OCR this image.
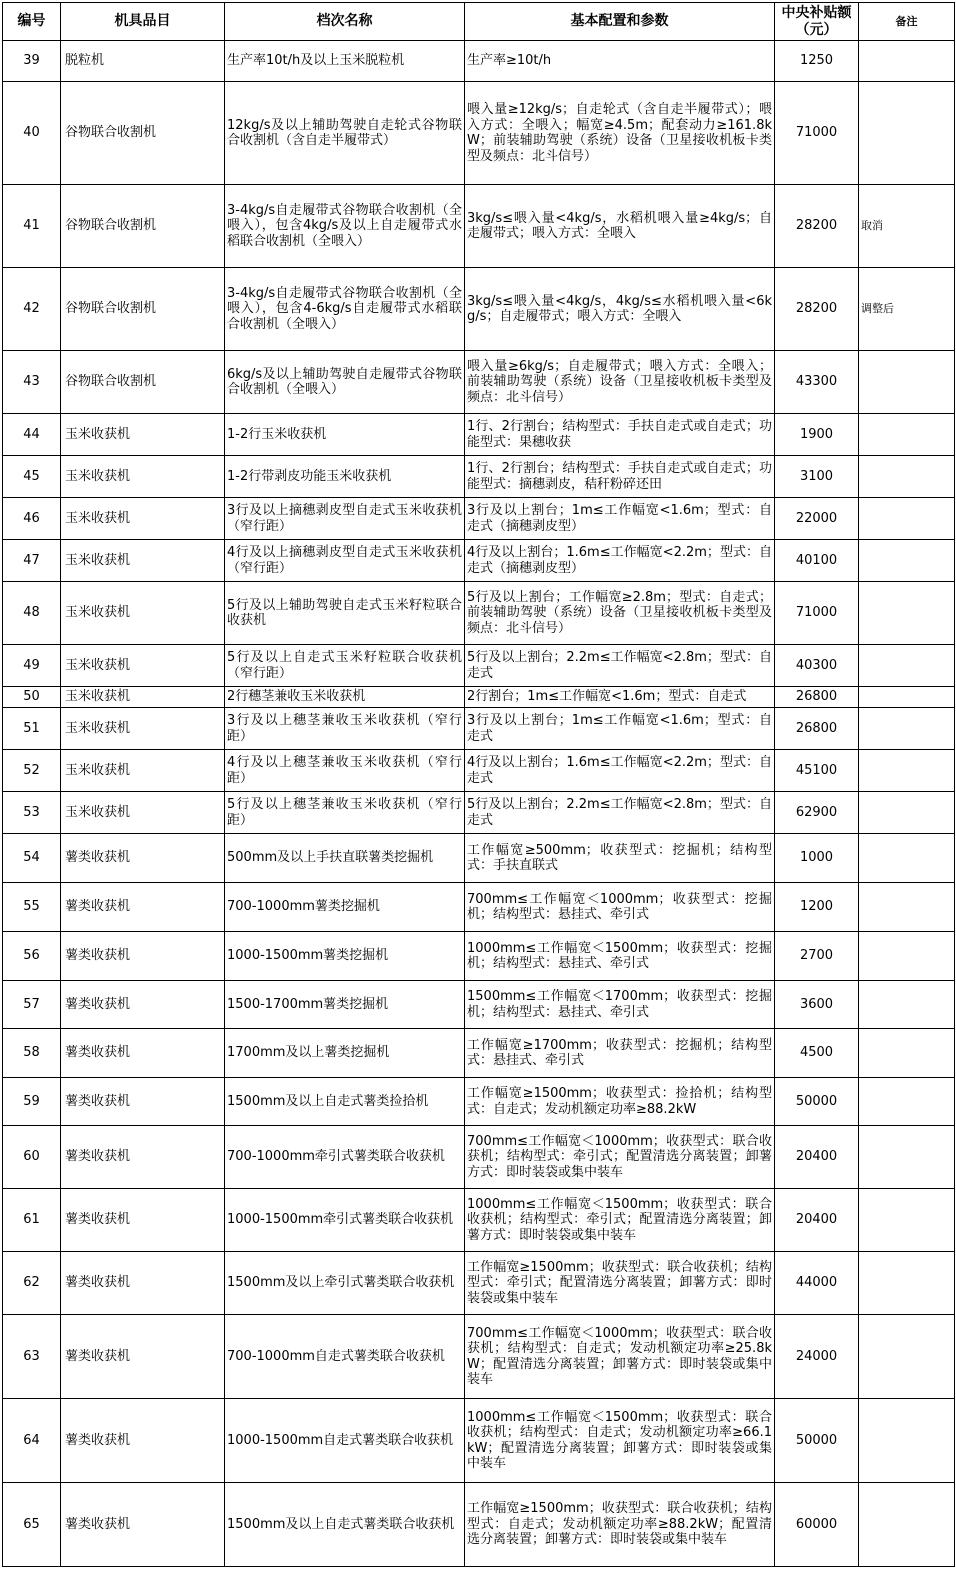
编号	机具品目	档次名称	基本配置和参数	中央补贴额（元）	备注
39	脱粒机	生产率10t/h及以上玉米脱粒机	生产率≥10t/h	1250	
40	谷物联合收割机	12kg/s及以上辅助驾驶自走轮式谷物联合收割机（含自走半履带式）	喂入量≥12kg/s；自走轮式（含自走半履带式）；喂入方式：全喂入；幅宽≥4.5m；配套动力≥161.8kW；前装辅助驾驶（系统）设备（卫星接收机板卡类型及频点：北斗信号）	71000	
41	谷物联合收割机	3-4kg/s自走履带式谷物联合收割机（全喂入），包含4kg/s及以上自走履带式水稻联合收割机（全喂入）	3kg/s≤喂入量<4kg/s，水稻机喂入量≥4kg/s；自走履带式；喂入方式：全喂入	28200	取消
42	谷物联合收割机	3-4kg/s自走履带式谷物联合收割机（全喂入），包含4-6kg/s自走履带式水稻联合收割机（全喂入）	3kg/s≤喂入量<4kg/s，4kg/s≤水稻机喂入量<6kg/s；自走履带式；喂入方式：全喂入	28200	调整后
43	谷物联合收割机	6kg/s及以上辅助驾驶自走履带式谷物联合收割机（全喂入）	喂入量≥6kg/s；自走履带式；喂入方式：全喂入；前装辅助驾驶（系统）设备（卫星接收机板卡类型及频点：北斗信号）	43300	
44	玉米收获机	1-2行玉米收获机	1行、2行割台；结构型式：手扶自走式或自走式；功能型式：果穗收获	1900	
45	玉米收获机	1-2行带剥皮功能玉米收获机	1行、2行割台；结构型式：手扶自走式或自走式；功能型式：摘穗剥皮，秸秆粉碎还田	3100	
46	玉米收获机	3行及以上摘穗剥皮型自走式玉米收获机（窄行距）	3行及以上割台；1m≤工作幅宽<1.6m；型式：自走式（摘穗剥皮型）	22000	
47	玉米收获机	4行及以上摘穗剥皮型自走式玉米收获机（窄行距）	4行及以上割台；1.6m≤工作幅宽<2.2m；型式：自走式（摘穗剥皮型）	40100	
48	玉米收获机	5行及以上辅助驾驶自走式玉米籽粒联合收获机	5行及以上割台；工作幅宽≥2.8m；型式：自走式；前装辅助驾驶（系统）设备（卫星接收机板卡类型及频点：北斗信号）	71000	
49	玉米收获机	5行及以上自走式玉米籽粒联合收获机（窄行距）	5行及以上割台；2.2m≤工作幅宽<2.8m；型式：自走式	40300	
50	玉米收获机	2行穗茎兼收玉米收获机	2行割台；1m≤工作幅宽<1.6m；型式：自走式	26800	
51	玉米收获机	3行及以上穗茎兼收玉米收获机（窄行距）	3行及以上割台；1m≤工作幅宽<1.6m；型式：自走式	26800	
52	玉米收获机	4行及以上穗茎兼收玉米收获机（窄行距）	4行及以上割台；1.6m≤工作幅宽<2.2m；型式：自走式	45100	
53	玉米收获机	5行及以上穗茎兼收玉米收获机（窄行距）	5行及以上割台；2.2m≤工作幅宽<2.8m；型式：自走式	62900	
54	薯类收获机	500mm及以上手扶直联薯类挖掘机	工作幅宽≥500mm；收获型式：挖掘机；结构型式：手扶直联式	1000	
55	薯类收获机	700-1000mm薯类挖掘机	700mm≤工作幅宽＜1000mm；收获型式：挖掘机；结构型式：悬挂式、牵引式	1200	
56	薯类收获机	1000-1500mm薯类挖掘机	1000mm≤工作幅宽＜1500mm；收获型式：挖掘机；结构型式：悬挂式、牵引式	2700	
57	薯类收获机	1500-1700mm薯类挖掘机	1500mm≤工作幅宽＜1700mm；收获型式：挖掘机；结构型式：悬挂式、牵引式	3600	
58	薯类收获机	1700mm及以上薯类挖掘机	工作幅宽≥1700mm；收获型式：挖掘机；结构型式：悬挂式、牵引式	4500	
59	薯类收获机	1500mm及以上自走式薯类捡拾机	工作幅宽≥1500mm；收获型式：捡拾机；结构型式：自走式；发动机额定功率≥88.2kW	50000	
60	薯类收获机	700-1000mm牵引式薯类联合收获机	700mm≤工作幅宽＜1000mm；收获型式：联合收获机；结构型式：牵引式；配置清选分离装置；卸薯方式：即时装袋或集中装车	20400	
61	薯类收获机	1000-1500mm牵引式薯类联合收获机	1000mm≤工作幅宽＜1500mm；收获型式：联合收获机；结构型式：牵引式；配置清选分离装置；卸薯方式：即时装袋或集中装车	20400	
62	薯类收获机	1500mm及以上牵引式薯类联合收获机	工作幅宽≥1500mm；收获型式：联合收获机；结构型式：牵引式；配置清选分离装置；卸薯方式：即时装袋或集中装车	44000	
63	薯类收获机	700-1000mm自走式薯类联合收获机	700mm≤工作幅宽＜1000mm；收获型式：联合收获机；结构型式：自走式；发动机额定功率≥25.8kW；配置清选分离装置；卸薯方式：即时装袋或集中装车	24000	
64	薯类收获机	1000-1500mm自走式薯类联合收获机	1000mm≤工作幅宽＜1500mm；收获型式：联合收获机；结构型式：自走式；发动机额定功率≥66.1kW；配置清选分离装置；卸薯方式：即时装袋或集中装车	50000	
65	薯类收获机	1500mm及以上自走式薯类联合收获机	工作幅宽≥1500mm；收获型式：联合收获机；结构型式：自走式；发动机额定功率≥88.2kW；配置清选分离装置；卸薯方式：即时装袋或集中装车	60000	
